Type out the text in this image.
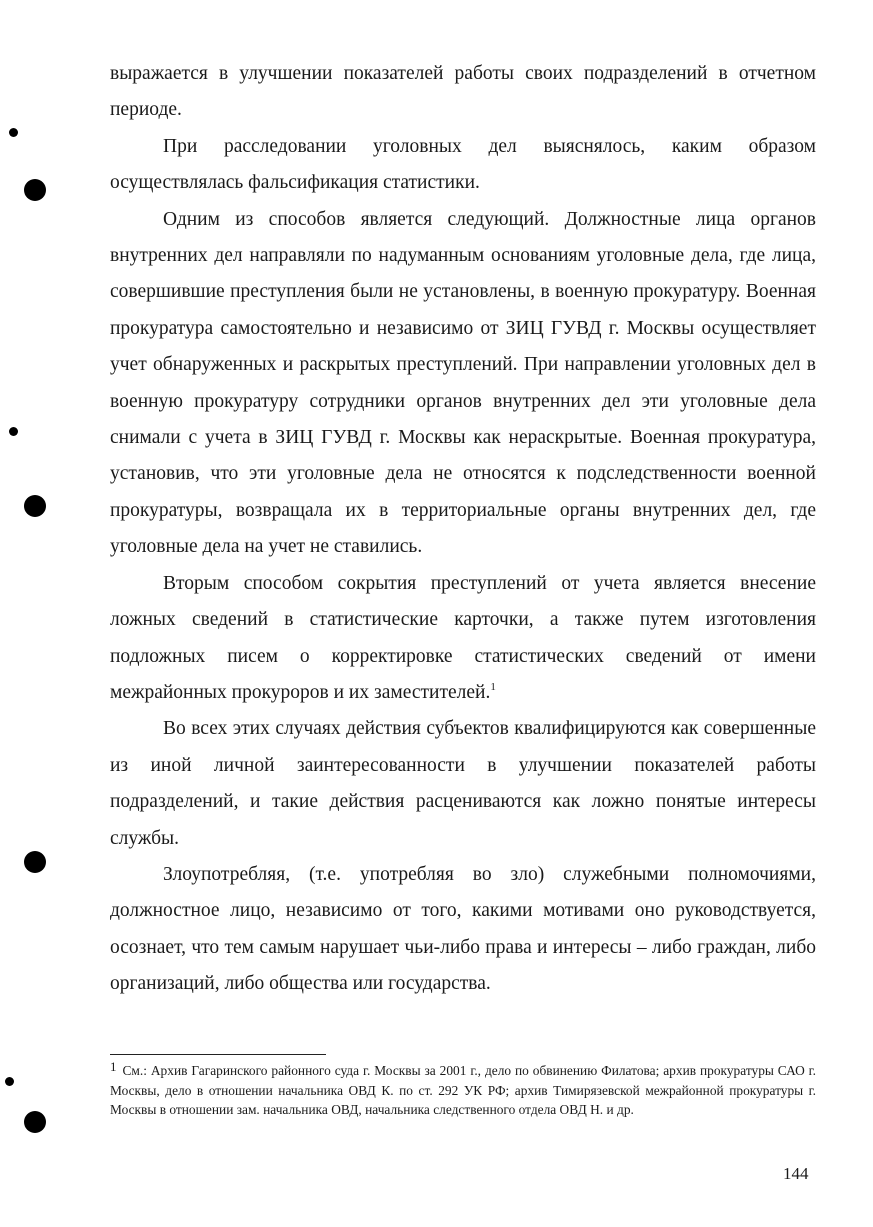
выражается в улучшении показателей работы своих подразделений в отчетном периоде.

При расследовании уголовных дел выяснялось, каким образом осуществлялась фальсификация статистики.

Одним из способов является следующий. Должностные лица органов внутренних дел направляли по надуманным основаниям уголовные дела, где лица, совершившие преступления были не установлены, в военную прокуратуру. Военная прокуратура самостоятельно и независимо от ЗИЦ ГУВД г. Москвы осуществляет учет обнаруженных и раскрытых преступлений. При направлении уголовных дел в военную прокуратуру сотрудники органов внутренних дел эти уголовные дела снимали с учета в ЗИЦ ГУВД г. Москвы как нераскрытые. Военная прокуратура, установив, что эти уголовные дела не относятся к подследственности военной прокуратуры, возвращала их в территориальные органы внутренних дел, где уголовные дела на учет не ставились.

Вторым способом сокрытия преступлений от учета является внесение ложных сведений в статистические карточки, а также путем изготовления подложных писем о корректировке статистических сведений от имени межрайонных прокуроров и их заместителей.$^1$

Во всех этих случаях действия субъектов квалифицируются как совершенные из иной личной заинтересованности в улучшении показателей работы подразделений, и такие действия расцениваются как ложно понятые интересы службы.

Злоупотребляя, (т.е. употребляя во зло) служебными полномочиями, должностное лицо, независимо от того, какими мотивами оно руководствуется, осознает, что тем самым нарушает чьи-либо права и интересы – либо граждан, либо организаций, либо общества или государства.

$^1$ См.: Архив Гагаринского районного суда г. Москвы за 2001 г., дело по обвинению Филатова; архив прокуратуры САО г. Москвы, дело в отношении начальника ОВД К. по ст. 292 УК РФ; архив Тимирязевской межрайонной прокуратуры г. Москвы в отношении зам. начальника ОВД, начальника следственного отдела ОВД Н. и др.
144
